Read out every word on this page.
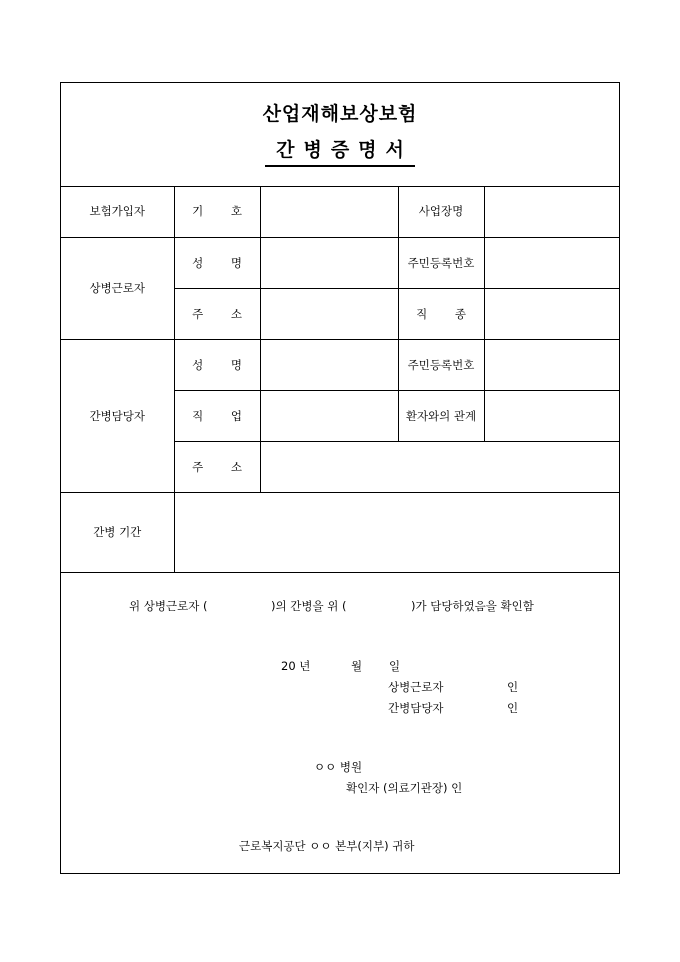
산업재해보상보험
간병증명서
보험가입자	기 호		사업장명	
상병근로자	성 명		주민등록번호	
	주 소		직 종	
간병담당자	성 명		주민등록번호	
	직 업		환자와의 관계	
	주 소			
간병 기간				
위 상병근로자 (	)의 간병을 위 (	)가 담당하였음을 확인함
20 년	월 일
상병근로자	인
간병담당자	인
ㅇㅇ 병원
확인자 (의료기관장) 인
근로복지공단 ㅇㅇ 본부(지부) 귀하
